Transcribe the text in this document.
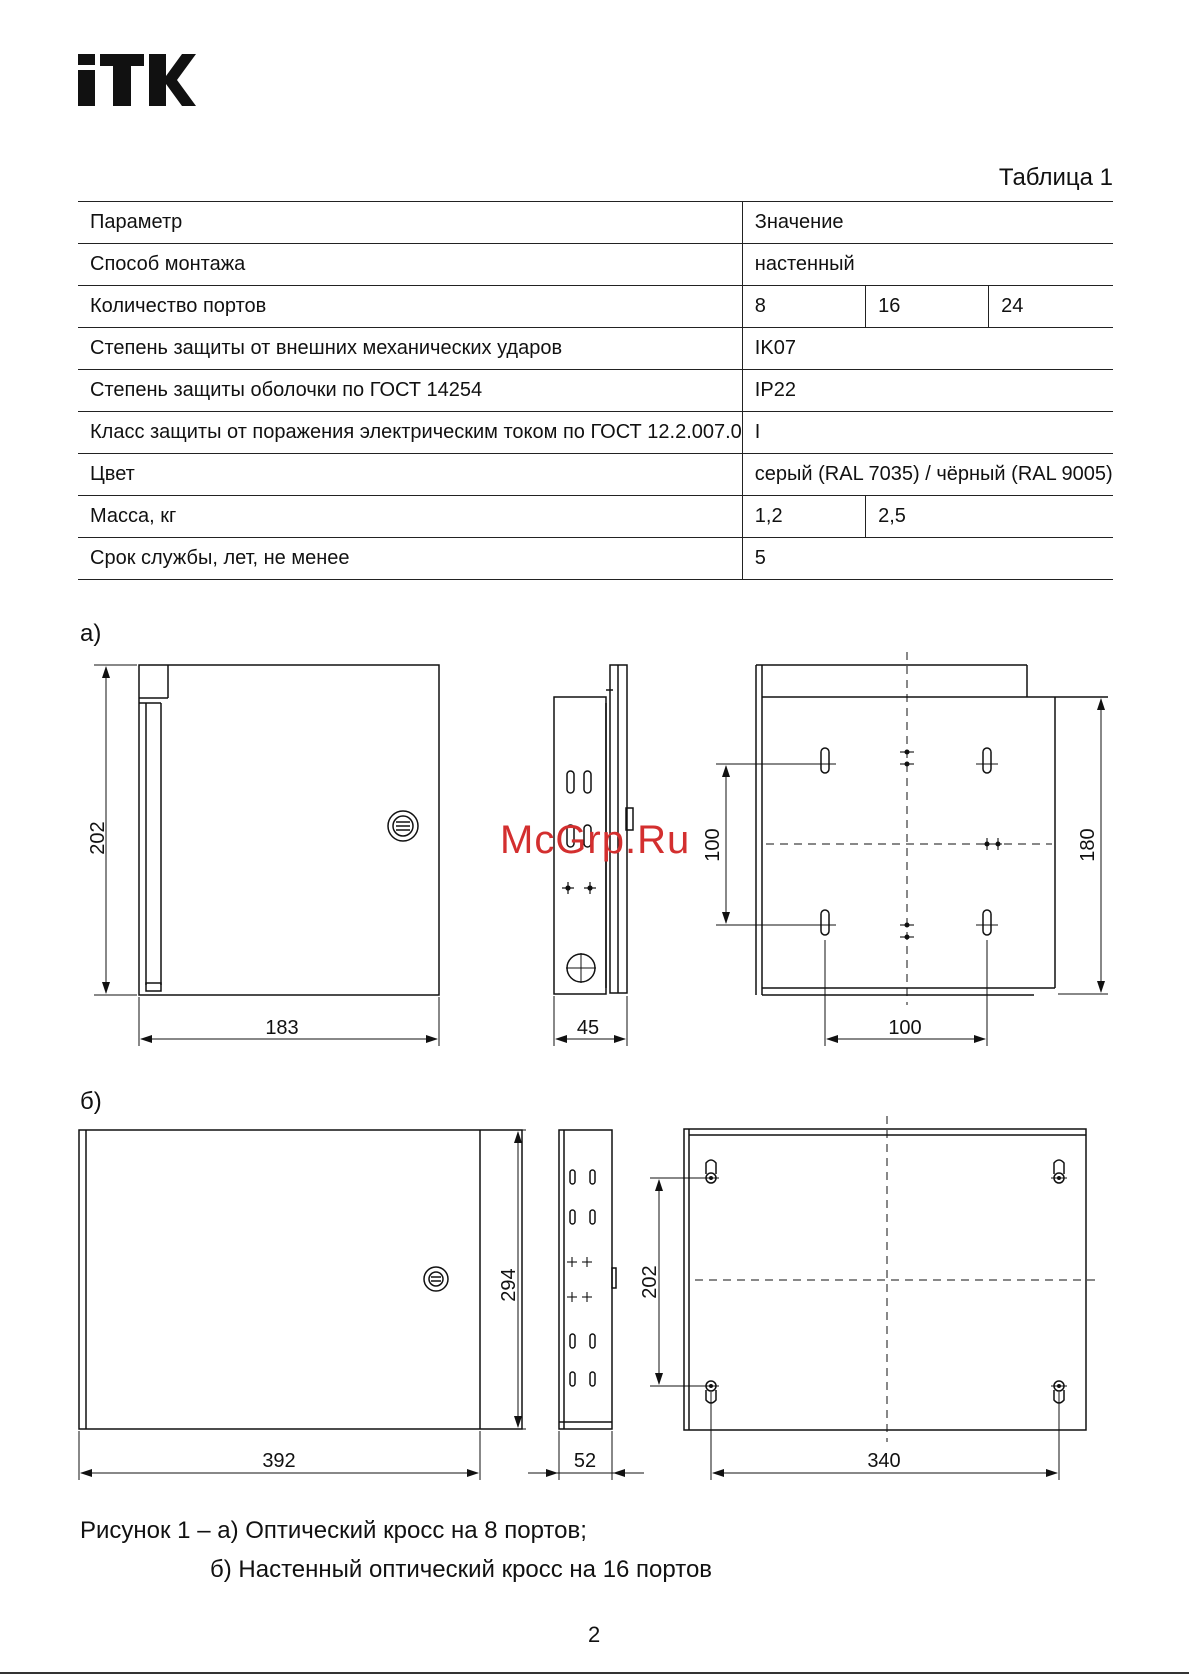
Таблица 1
Параметр	Значение		
Способ монтажа	настенный		
Количество портов	8	16	24
Степень защиты от внешних механических ударов	IK07		
Степень защиты оболочки по ГОСТ 14254	IP22		
Класс защиты от поражения электрическим током по ГОСТ 12.2.007.0	I		
Цвет	серый (RAL 7035) / чёрный (RAL 9005)		
Масса, кг	1,2	2,5	
Срок службы, лет, не менее	5		
а)
б)
202
183	45
100	180
100
294
392	52
202
340
McGrp.Ru
Рисунок 1 – а) Оптический кросс на 8 портов;
б) Настенный оптический кросс на 16 портов
2
